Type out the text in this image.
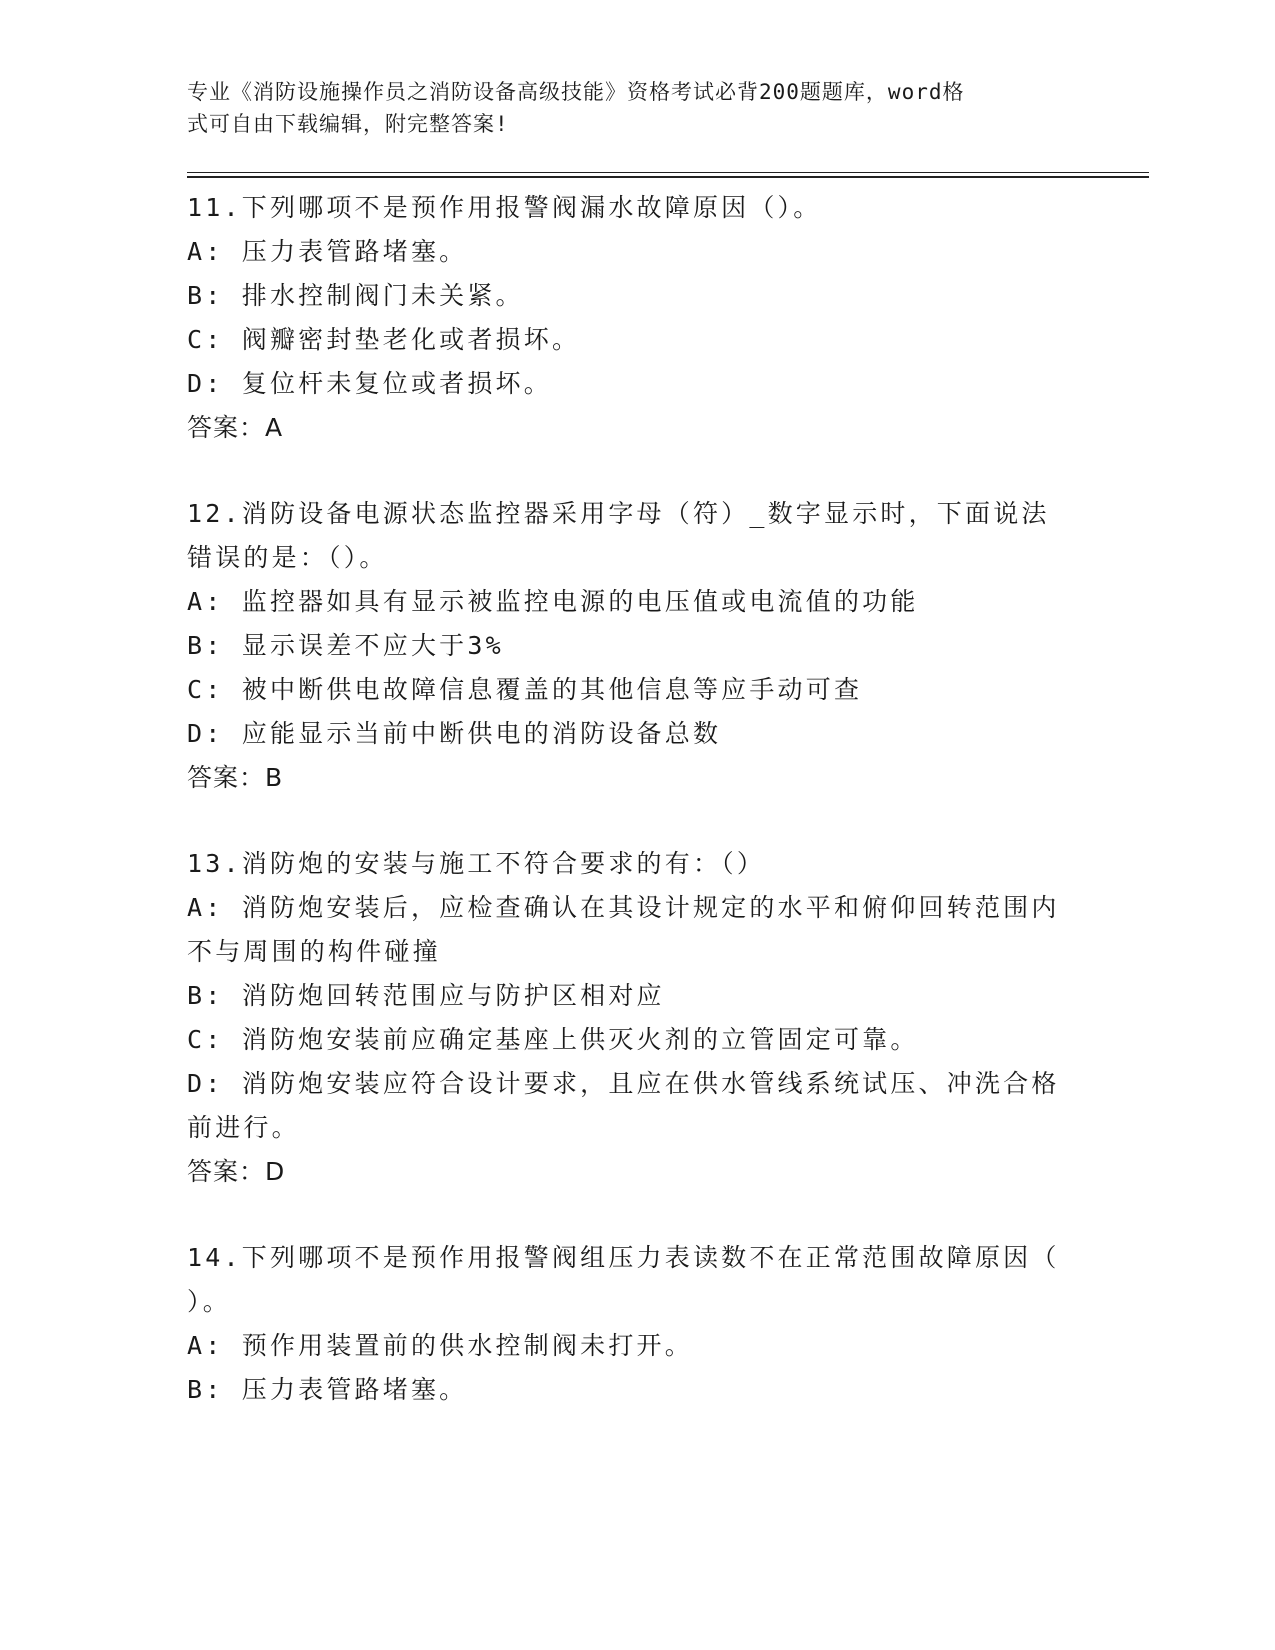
专业《消防设施操作员之消防设备高级技能》资格考试必背200题题库，word格
式可自由下载编辑，附完整答案!
11.下列哪项不是预作用报警阀漏水故障原因（）。
A: 压力表管路堵塞。
B: 排水控制阀门未关紧。
C: 阀瓣密封垫老化或者损坏。
D: 复位杆未复位或者损坏。
答案：A
12.消防设备电源状态监控器采用字母（符）_数字显示时，下面说法
错误的是：（）。
A: 监控器如具有显示被监控电源的电压值或电流值的功能
B: 显示误差不应大于3%
C: 被中断供电故障信息覆盖的其他信息等应手动可查
D: 应能显示当前中断供电的消防设备总数
答案：B
13.消防炮的安装与施工不符合要求的有：（）
A: 消防炮安装后，应检查确认在其设计规定的水平和俯仰回转范围内
不与周围的构件碰撞
B: 消防炮回转范围应与防护区相对应
C: 消防炮安装前应确定基座上供灭火剂的立管固定可靠。
D: 消防炮安装应符合设计要求，且应在供水管线系统试压、冲洗合格
前进行。
答案：D
14.下列哪项不是预作用报警阀组压力表读数不在正常范围故障原因（
）。
A: 预作用装置前的供水控制阀未打开。
B: 压力表管路堵塞。
